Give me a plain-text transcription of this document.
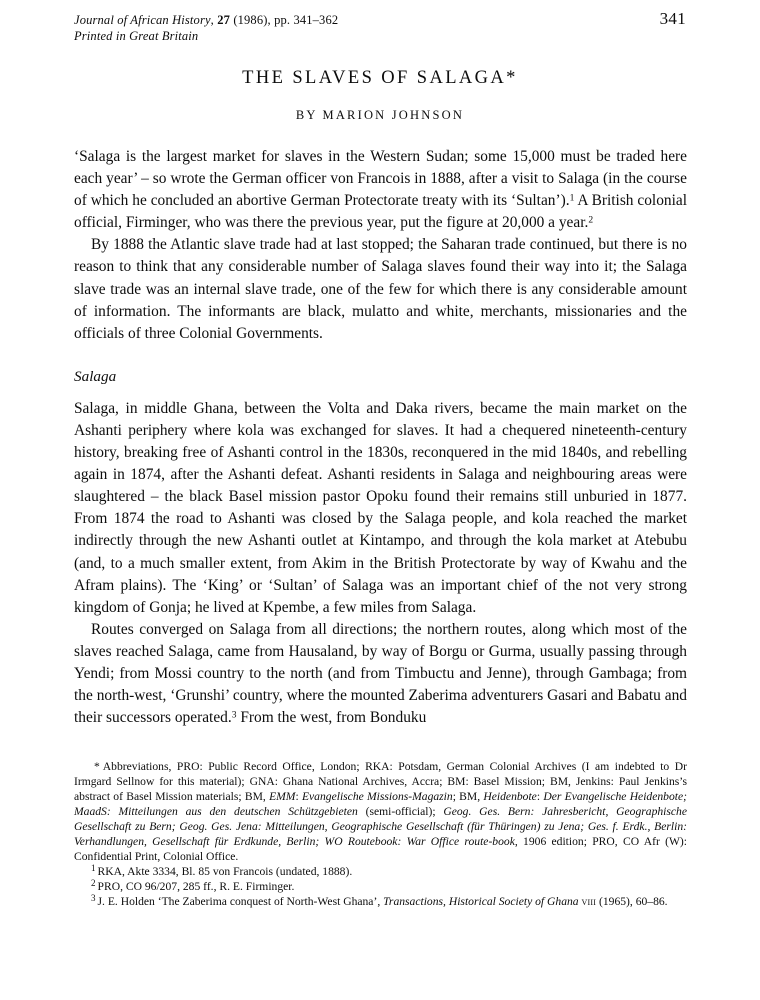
Journal of African History, 27 (1986), pp. 341–362
Printed in Great Britain
341
THE SLAVES OF SALAGA*
BY MARION JOHNSON

‘Salaga is the largest market for slaves in the Western Sudan; some 15,000 must be traded here each year’ – so wrote the German officer von Francois in 1888, after a visit to Salaga (in the course of which he concluded an abortive German Protectorate treaty with its ‘Sultan’).$^1$ A British colonial official, Firminger, who was there the previous year, put the figure at 20,000 a year.$^2$

By 1888 the Atlantic slave trade had at last stopped; the Saharan trade continued, but there is no reason to think that any considerable number of Salaga slaves found their way into it; the Salaga slave trade was an internal slave trade, one of the few for which there is any considerable amount of information. The informants are black, mulatto and white, merchants, missionaries and the officials of three Colonial Governments.

Salaga

Salaga, in middle Ghana, between the Volta and Daka rivers, became the main market on the Ashanti periphery where kola was exchanged for slaves. It had a chequered nineteenth-century history, breaking free of Ashanti control in the 1830s, reconquered in the mid 1840s, and rebelling again in 1874, after the Ashanti defeat. Ashanti residents in Salaga and neighbouring areas were slaughtered – the black Basel mission pastor Opoku found their remains still unburied in 1877. From 1874 the road to Ashanti was closed by the Salaga people, and kola reached the market indirectly through the new Ashanti outlet at Kintampo, and through the kola market at Atebubu (and, to a much smaller extent, from Akim in the British Protectorate by way of Kwahu and the Afram plains). The ‘King’ or ‘Sultan’ of Salaga was an important chief of the not very strong kingdom of Gonja; he lived at Kpembe, a few miles from Salaga.

Routes converged on Salaga from all directions; the northern routes, along which most of the slaves reached Salaga, came from Hausaland, by way of Borgu or Gurma, usually passing through Yendi; from Mossi country to the north (and from Timbuctu and Jenne), through Gambaga; from the north-west, ‘Grunshi’ country, where the mounted Zaberima adventurers Gasari and Babatu and their successors operated.$^3$ From the west, from Bonduku

* Abbreviations, PRO: Public Record Office, London; RKA: Potsdam, German Colonial Archives (I am indebted to Dr Irmgard Sellnow for this material); GNA: Ghana National Archives, Accra; BM: Basel Mission; BM, Jenkins: Paul Jenkins’s abstract of Basel Mission materials; BM, EMM: Evangelische Missions-Magazin; BM, Heidenbote: Der Evangelische Heidenbote; MaadS: Mitteilungen aus den deutschen Schützgebieten (semi-official); Geog. Ges. Bern: Jahresbericht, Geographische Gesellschaft zu Bern; Geog. Ges. Jena: Mitteilungen, Geographische Gesellschaft (für Thüringen) zu Jena; Ges. f. Erdk., Berlin: Verhandlungen, Gesellschaft für Erdkunde, Berlin; WO Routebook: War Office route-book, 1906 edition; PRO, CO Afr (W): Confidential Print, Colonial Office.

$^1$ RKA, Akte 3334, Bl. 85 von Francois (undated, 1888).

$^2$ PRO, CO 96/207, 285 ff., R. E. Firminger.

$^3$ J. E. Holden ‘The Zaberima conquest of North-West Ghana’, Transactions, Historical Society of Ghana viii (1965), 60–86.
